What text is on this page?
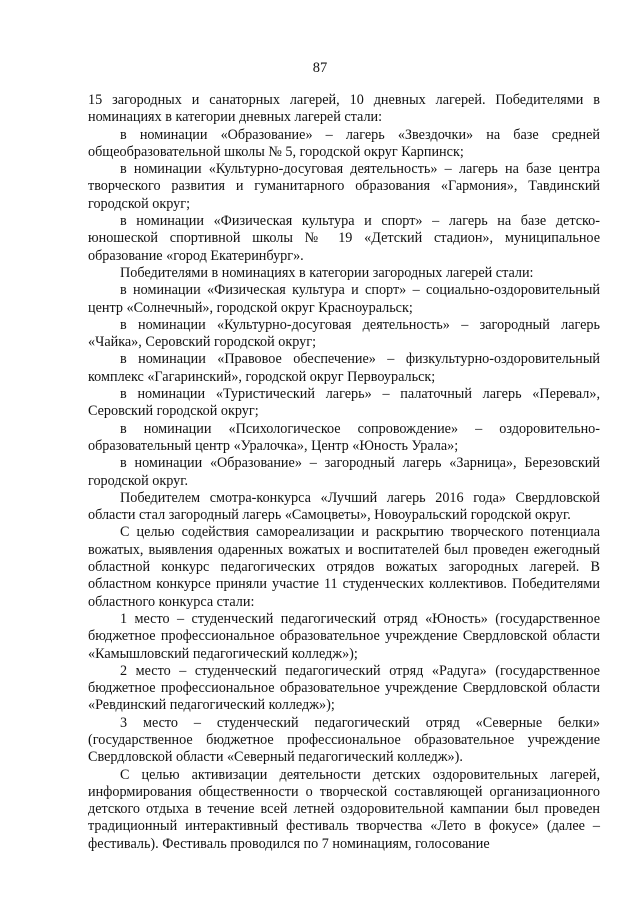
87

15 загородных и санаторных лагерей, 10 дневных лагерей. Победителями в номинациях в категории дневных лагерей стали:

в номинации «Образование» – лагерь «Звездочки» на базе средней общеобразовательной школы № 5, городской округ Карпинск;

в номинации «Культурно-досуговая деятельность» – лагерь на базе центра творческого развития и гуманитарного образования «Гармония», Тавдинский городской округ;

в номинации «Физическая культура и спорт» – лагерь на базе детско-юношеской спортивной школы № 19 «Детский стадион», муниципальное образование «город Екатеринбург».

Победителями в номинациях в категории загородных лагерей стали:

в номинации «Физическая культура и спорт» – социально-оздоровительный центр «Солнечный», городской округ Красноуральск;

в номинации «Культурно-досуговая деятельность» – загородный лагерь «Чайка», Серовский городской округ;

в номинации «Правовое обеспечение» – физкультурно-оздоровительный комплекс «Гагаринский», городской округ Первоуральск;

в номинации «Туристический лагерь» – палаточный лагерь «Перевал», Серовский городской округ;

в номинации «Психологическое сопровождение» – оздоровительно-образовательный центр «Уралочка», Центр «Юность Урала»;

в номинации «Образование» – загородный лагерь «Зарница», Березовский городской округ.

Победителем смотра-конкурса «Лучший лагерь 2016 года» Свердловской области стал загородный лагерь «Самоцветы», Новоуральский городской округ.

С целью содействия самореализации и раскрытию творческого потенциала вожатых, выявления одаренных вожатых и воспитателей был проведен ежегодный областной конкурс педагогических отрядов вожатых загородных лагерей. В областном конкурсе приняли участие 11 студенческих коллективов. Победителями областного конкурса стали:

1 место – студенческий педагогический отряд «Юность» (государственное бюджетное профессиональное образовательное учреждение Свердловской области «Камышловский педагогический колледж»);

2 место – студенческий педагогический отряд «Радуга» (государственное бюджетное профессиональное образовательное учреждение Свердловской области «Ревдинский педагогический колледж»);

3 место – студенческий педагогический отряд «Северные белки» (государственное бюджетное профессиональное образовательное учреждение Свердловской области «Северный педагогический колледж»).

С целью активизации деятельности детских оздоровительных лагерей, информирования общественности о творческой составляющей организационного детского отдыха в течение всей летней оздоровительной кампании был проведен традиционный интерактивный фестиваль творчества «Лето в фокусе» (далее – фестиваль). Фестиваль проводился по 7 номинациям, голосование
